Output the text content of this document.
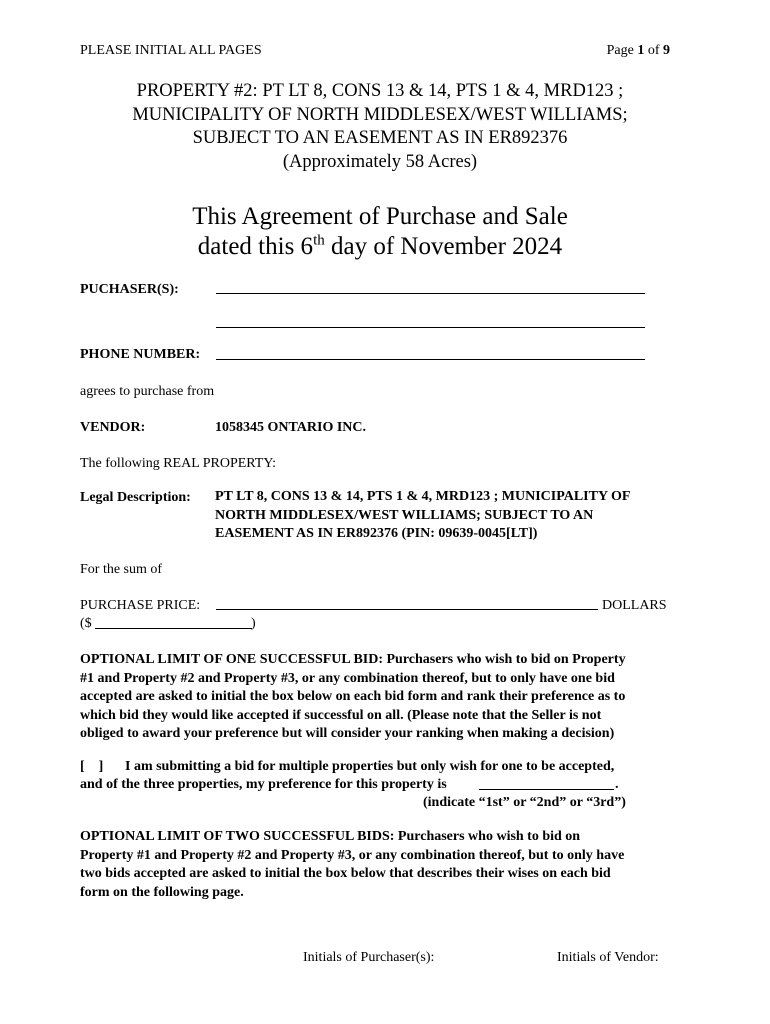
PLEASE INITIAL ALL PAGES	Page 1 of 9
PROPERTY #2: PT LT 8, CONS 13 & 14, PTS 1 & 4, MRD123 ;
MUNICIPALITY OF NORTH MIDDLESEX/WEST WILLIAMS;
SUBJECT TO AN EASEMENT AS IN ER892376
(Approximately 58 Acres)
This Agreement of Purchase and Sale
dated this 6th day of November 2024
PUCHASER(S):
PHONE NUMBER:
agrees to purchase from
VENDOR:	1058345 ONTARIO INC.
The following REAL PROPERTY:
Legal Description: PT LT 8, CONS 13 & 14, PTS 1 & 4, MRD123 ; MUNICIPALITY OF
NORTH MIDDLESEX/WEST WILLIAMS; SUBJECT TO AN
EASEMENT AS IN ER892376 (PIN: 09639-0045[LT])
For the sum of
PURCHASE PRICE:	DOLLARS
($	)
OPTIONAL LIMIT OF ONE SUCCESSFUL BID: Purchasers who wish to bid on Property
#1 and Property #2 and Property #3, or any combination thereof, but to only have one bid
accepted are asked to initial the box below on each bid form and rank their preference as to
which bid they would like accepted if successful on all. (Please note that the Seller is not
obliged to award your preference but will consider your ranking when making a decision)
[    ] I am submitting a bid for multiple properties but only wish for one to be accepted,
and of the three properties, my preference for this property is	.
(indicate “1st” or “2nd” or “3rd”)
OPTIONAL LIMIT OF TWO SUCCESSFUL BIDS: Purchasers who wish to bid on
Property #1 and Property #2 and Property #3, or any combination thereof, but to only have
two bids accepted are asked to initial the box below that describes their wises on each bid
form on the following page.
Initials of Purchaser(s):	Initials of Vendor:
